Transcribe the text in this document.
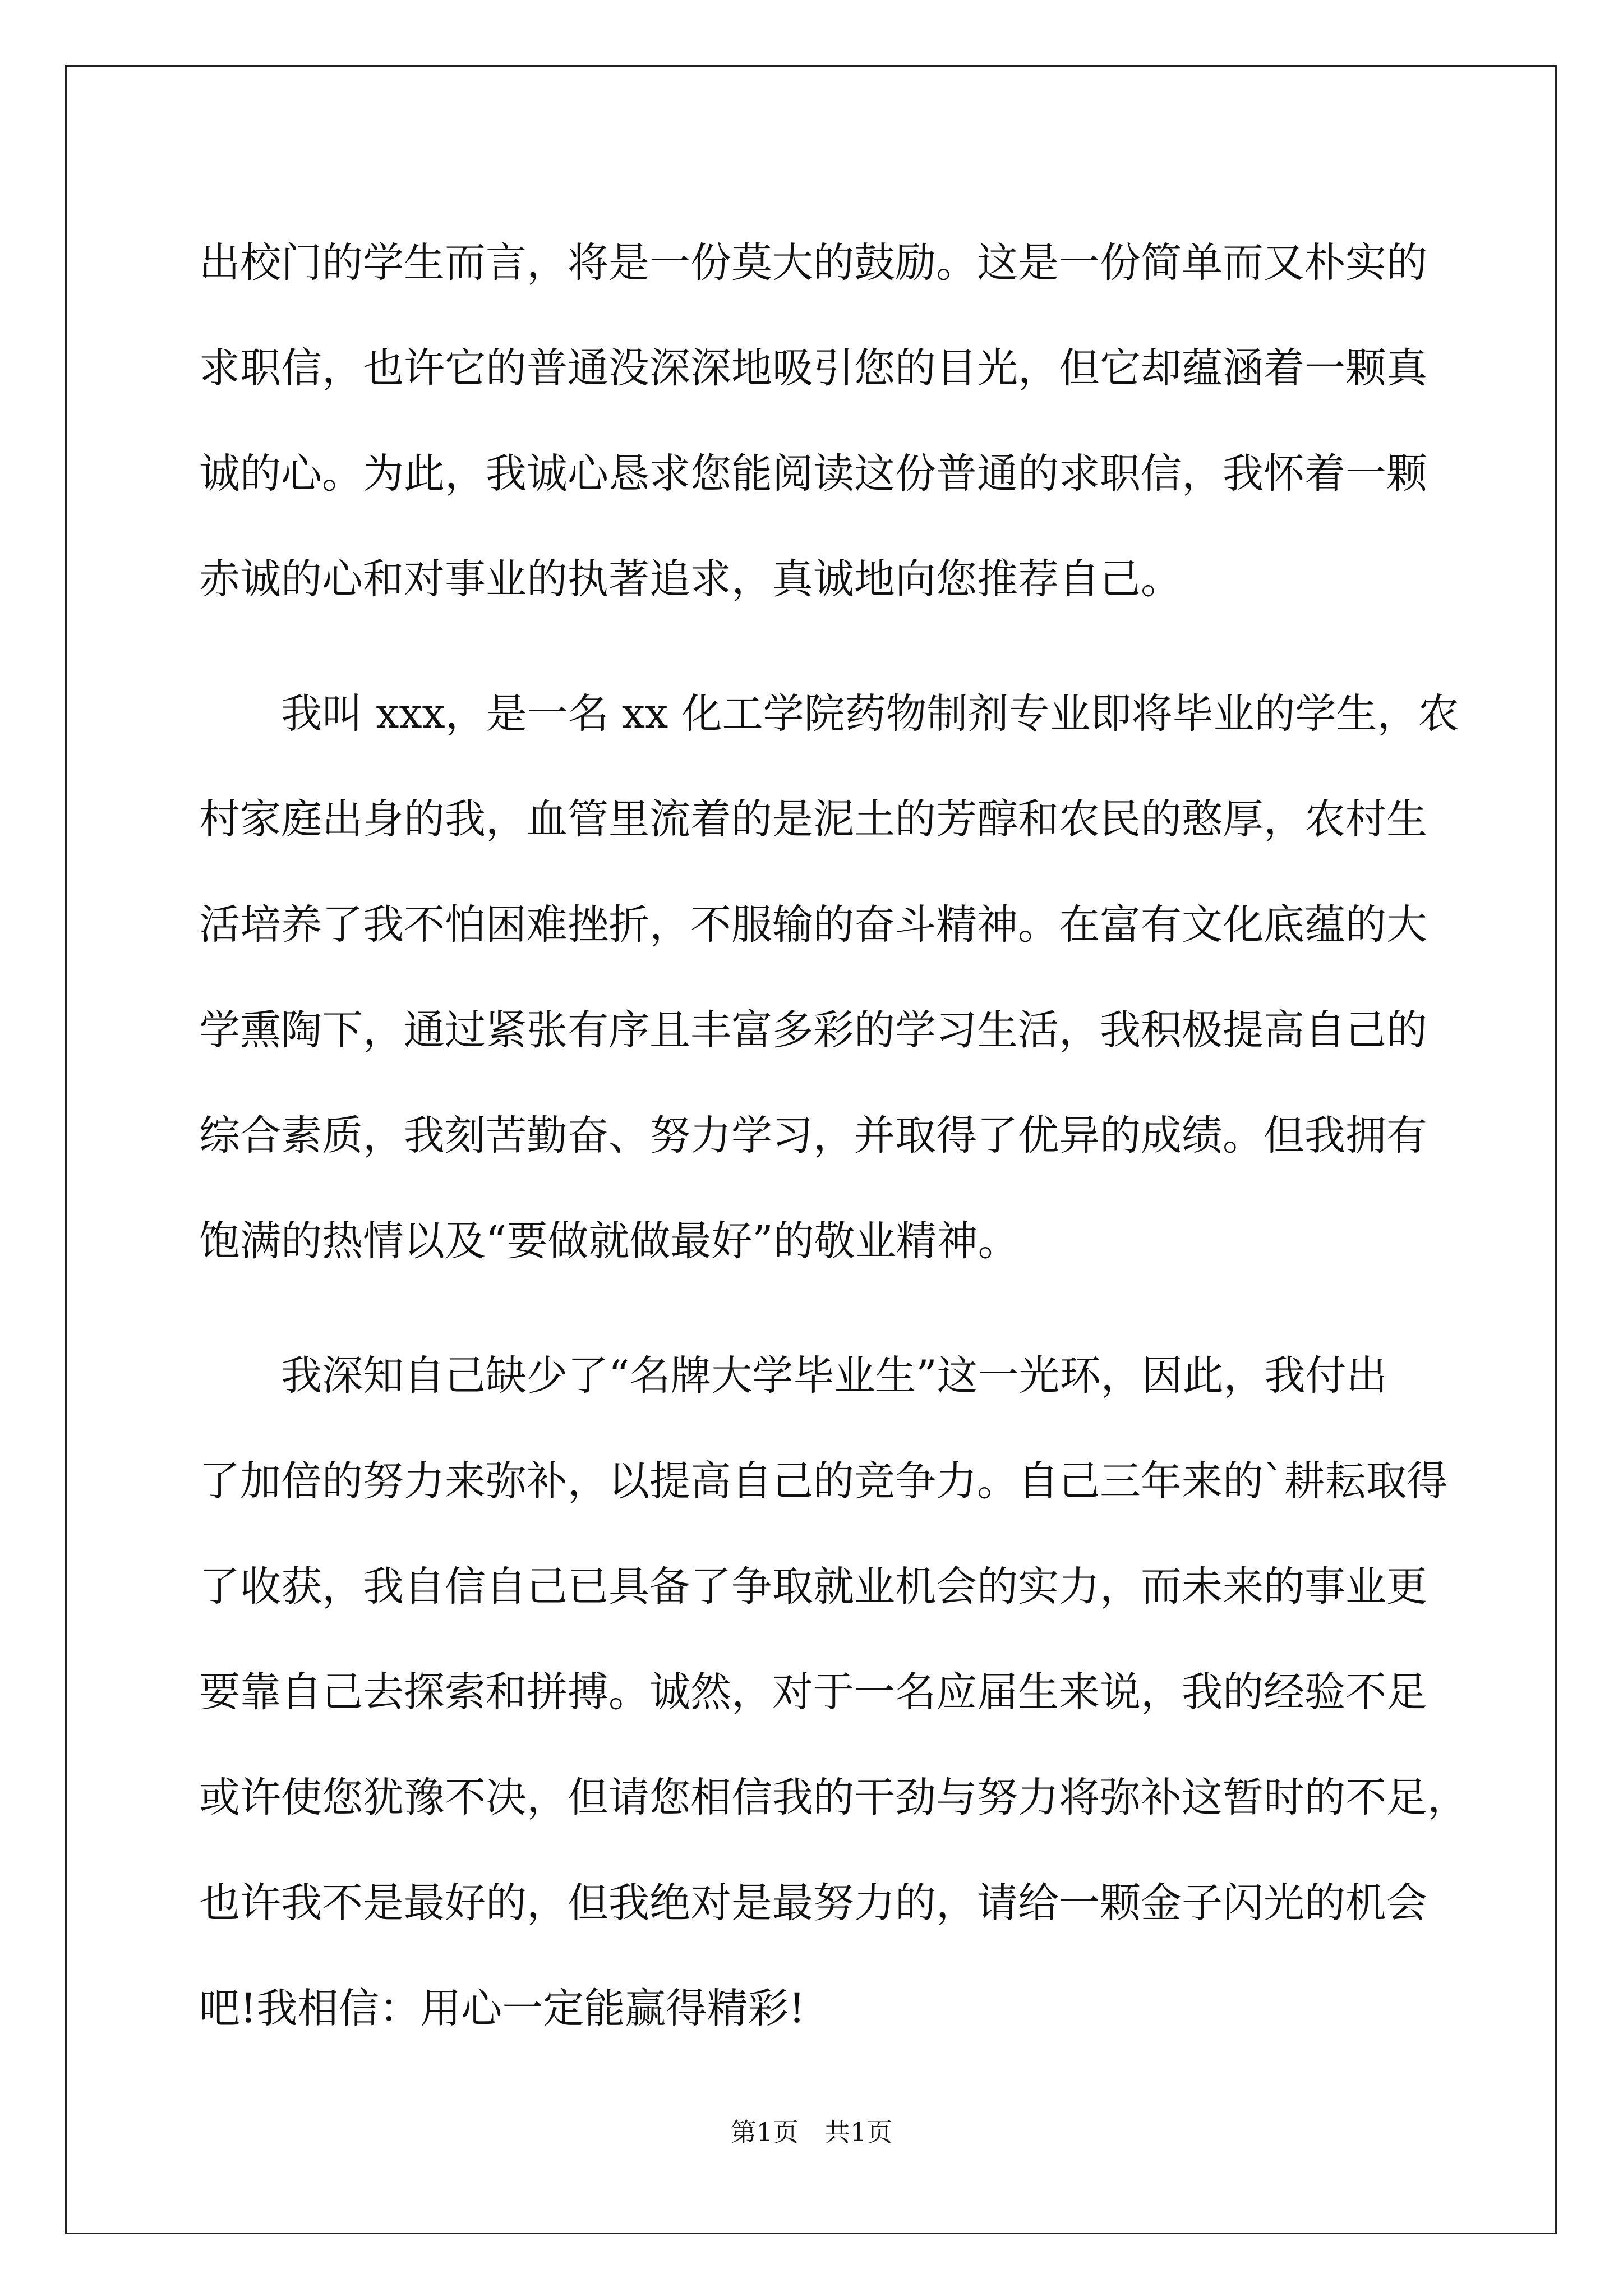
出校门的学生而言，将是一份莫大的鼓励。这是一份简单而又朴实的
求职信，也许它的普通没深深地吸引您的目光，但它却蕴涵着一颗真
诚的心。为此，我诚心恳求您能阅读这份普通的求职信，我怀着一颗
赤诚的心和对事业的执著追求，真诚地向您推荐自己。
　　我叫 xxx，是一名 xx 化工学院药物制剂专业即将毕业的学生，农
村家庭出身的我，血管里流着的是泥土的芳醇和农民的憨厚，农村生
活培养了我不怕困难挫折，不服输的奋斗精神。在富有文化底蕴的大
学熏陶下，通过紧张有序且丰富多彩的学习生活，我积极提高自己的
综合素质，我刻苦勤奋、努力学习，并取得了优异的成绩。但我拥有
饱满的热情以及“要做就做最好”的敬业精神。
　　我深知自己缺少了“名牌大学毕业生”这一光环，因此，我付出
了加倍的努力来弥补，以提高自己的竞争力。自己三年来的`耕耘取得
了收获，我自信自己已具备了争取就业机会的实力，而未来的事业更
要靠自己去探索和拼搏。诚然，对于一名应届生来说，我的经验不足
或许使您犹豫不决，但请您相信我的干劲与努力将弥补这暂时的不足，
也许我不是最好的，但我绝对是最努力的，请给一颗金子闪光的机会
吧!我相信：用心一定能赢得精彩!
第1页　共1页
